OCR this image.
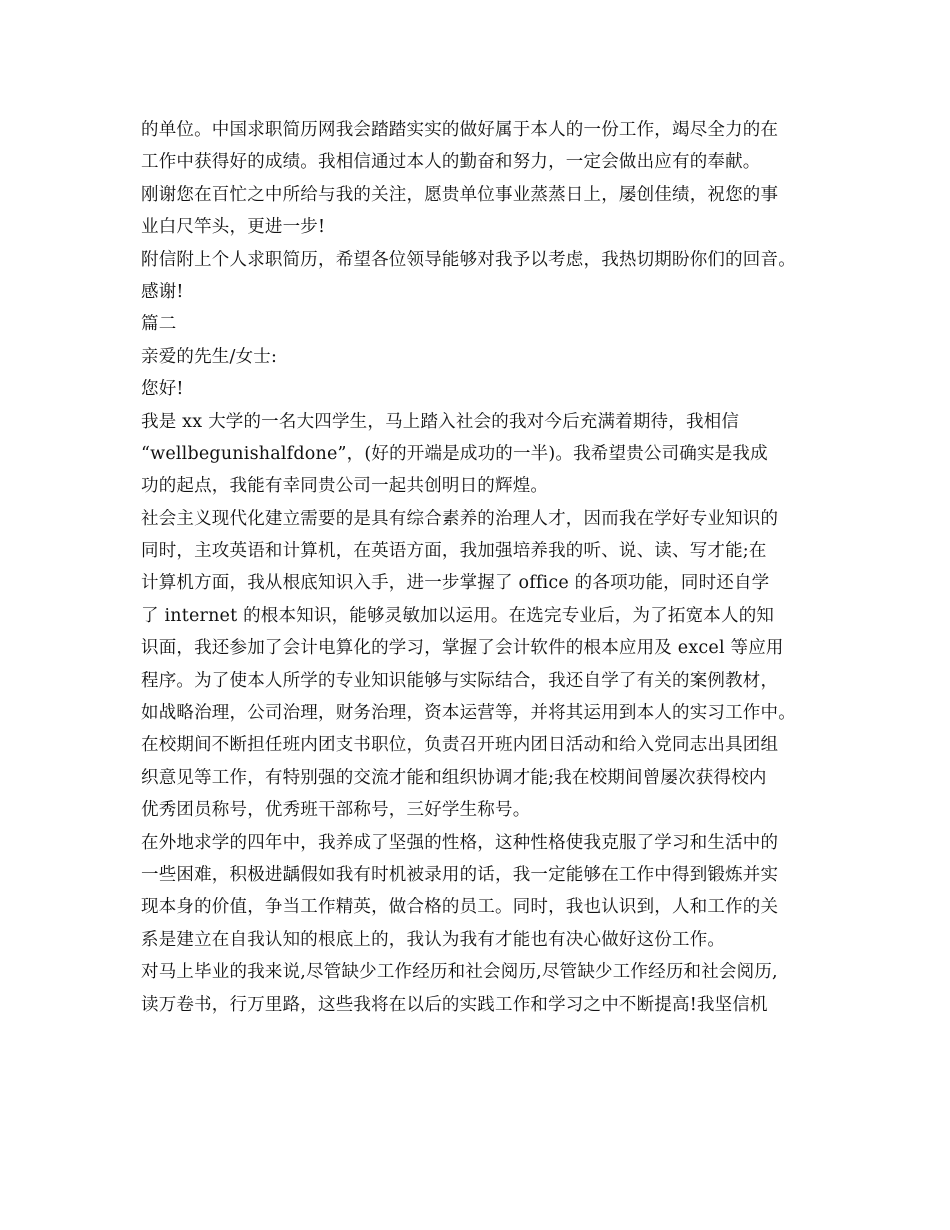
的单位。中国求职简历网我会踏踏实实的做好属于本人的一份工作，竭尽全力的在
工作中获得好的成绩。我相信通过本人的勤奋和努力，一定会做出应有的奉献。
刚谢您在百忙之中所给与我的关注，愿贵单位事业蒸蒸日上，屡创佳绩，祝您的事
业白尺竿头，更进一步!
附信附上个人求职简历，希望各位领导能够对我予以考虑，我热切期盼你们的回音。
感谢!
篇二
亲爱的先生/女士:
您好!
我是 xx 大学的一名大四学生，马上踏入社会的我对今后充满着期待，我相信
“wellbegunishalfdone”，(好的开端是成功的一半)。我希望贵公司确实是我成
功的起点，我能有幸同贵公司一起共创明日的辉煌。
社会主义现代化建立需要的是具有综合素养的治理人才，因而我在学好专业知识的
同时，主攻英语和计算机，在英语方面，我加强培养我的听、说、读、写才能;在
计算机方面，我从根底知识入手，进一步掌握了 office 的各项功能，同时还自学
了 internet 的根本知识，能够灵敏加以运用。在选完专业后，为了拓宽本人的知
识面，我还参加了会计电算化的学习，掌握了会计软件的根本应用及 excel 等应用
程序。为了使本人所学的专业知识能够与实际结合，我还自学了有关的案例教材，
如战略治理，公司治理，财务治理，资本运营等，并将其运用到本人的实习工作中。
在校期间不断担任班内团支书职位，负责召开班内团日活动和给入党同志出具团组
织意见等工作，有特别强的交流才能和组织协调才能;我在校期间曾屡次获得校内
优秀团员称号，优秀班干部称号，三好学生称号。
在外地求学的四年中，我养成了坚强的性格，这种性格使我克服了学习和生活中的
一些困难，积极进龋假如我有时机被录用的话，我一定能够在工作中得到锻炼并实
现本身的价值，争当工作精英，做合格的员工。同时，我也认识到，人和工作的关
系是建立在自我认知的根底上的，我认为我有才能也有决心做好这份工作。
对马上毕业的我来说,尽管缺少工作经历和社会阅历,尽管缺少工作经历和社会阅历,
读万卷书，行万里路，这些我将在以后的实践工作和学习之中不断提高!我坚信机
